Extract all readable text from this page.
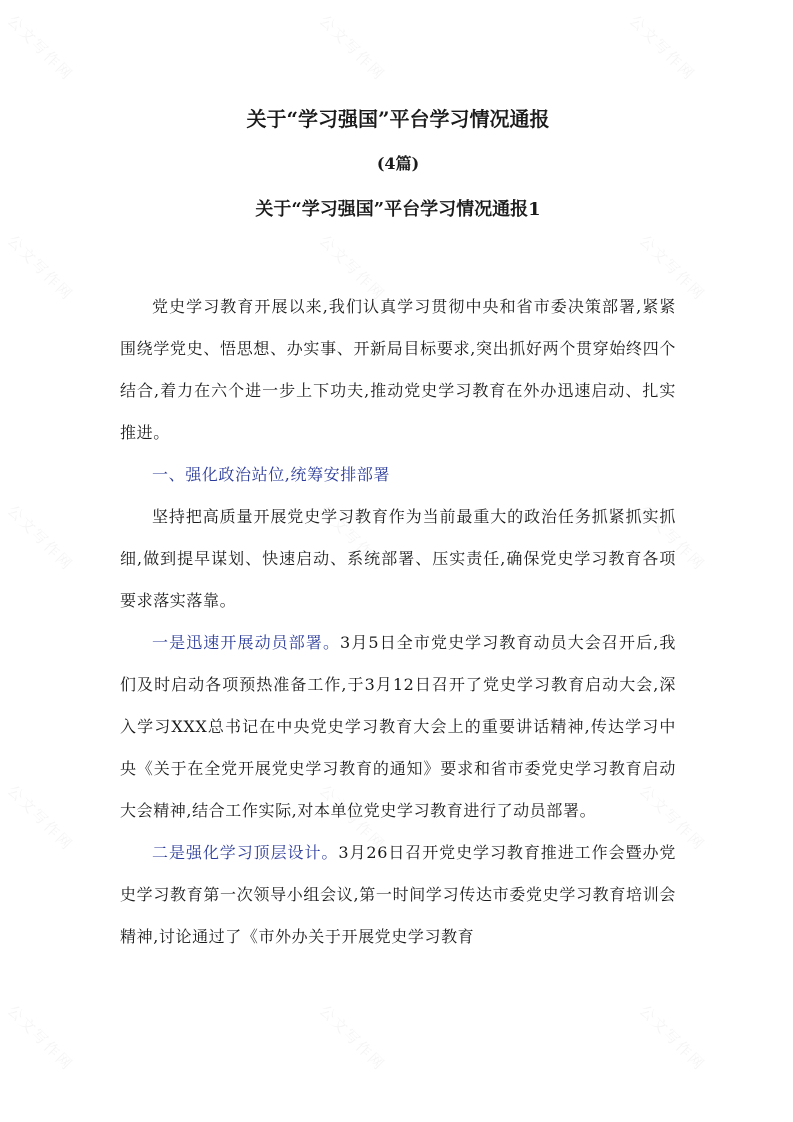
公文写作网	公文写作网	公文写作网
公文写作网	公文写作网	公文写作网
公文写作网	公文写作网	公文写作网
公文写作网	公文写作网	公文写作网
公文写作网	公文写作网	公文写作网
关于“学习强国”平台学习情况通报
(4篇)
关于“学习强国”平台学习情况通报1

党史学习教育开展以来,我们认真学习贯彻中央和省市委决策部署,紧紧围绕学党史、悟思想、办实事、开新局目标要求,突出抓好两个贯穿始终四个结合,着力在六个进一步上下功夫,推动党史学习教育在外办迅速启动、扎实推进。

一、强化政治站位,统筹安排部署

坚持把高质量开展党史学习教育作为当前最重大的政治任务抓紧抓实抓细,做到提早谋划、快速启动、系统部署、压实责任,确保党史学习教育各项要求落实落靠。

一是迅速开展动员部署。3月5日全市党史学习教育动员大会召开后,我们及时启动各项预热准备工作,于3月12日召开了党史学习教育启动大会,深入学习XXX总书记在中央党史学习教育大会上的重要讲话精神,传达学习中央《关于在全党开展党史学习教育的通知》要求和省市委党史学习教育启动大会精神,结合工作实际,对本单位党史学习教育进行了动员部署。

二是强化学习顶层设计。3月26日召开党史学习教育推进工作会暨办党史学习教育第一次领导小组会议,第一时间学习传达市委党史学习教育培训会精神,讨论通过了《市外办关于开展党史学习教育
